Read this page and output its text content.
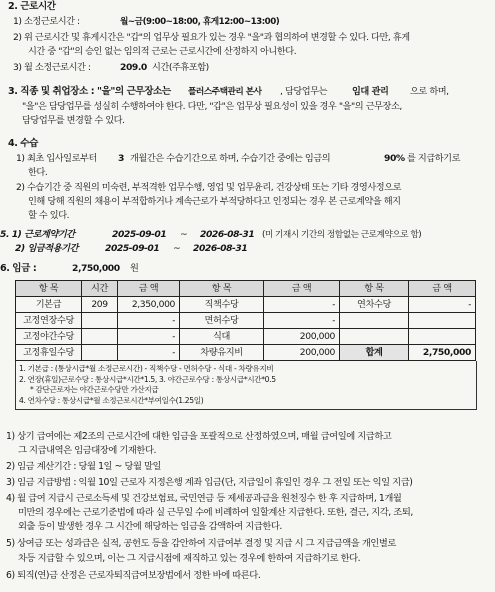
2. 근로시간
1) 소정근로시간 :	월~금(9:00~18:00, 휴게12:00~13:00)
2) 위 근로시간 및 휴게시간은 "갑"의 업무상 필요가 있는 경우 "을"과 협의하여 변경할 수 있다. 다만, 휴게
시간 중 "갑"의 승인 없는 임의적 근로는 근로시간에 산정하지 아니한다.
3) 월 소정근로시간 :	209.0 시간(주휴포함)
3. 직종 및 취업장소 : "을"의 근무장소는 플러스주택관리 본사 , 담당업무는	임대 관리 으로 하며,
"을"은 담당업무를 성실히 수행하여야 한다. 다만, "갑"은 업무상 필요성이 있을 경우 "을"의 근무장소,
담당업무를 변경할 수 있다.
4. 수습
1) 최초 입사일로부터 3 개월간은 수습기간으로 하며, 수습기간 중에는 임금의	90% 를 지급하기로
한다.
2) 수습기간 중 직원의 미숙련, 부적격한 업무수행, 영업 및 업무윤리, 건강상태 또는 기타 경영사정으로
인해 당해 직원의 채용이 부적합하거나 계속근로가 부적당하다고 인정되는 경우 본 근로계약을 해지
할 수 있다.
5. 1) 근로계약기간	2025-09-01 ~ 2026-08-31 (미 기재시 기간의 정함없는 근로계약으로 함)
2) 임금적용기간	2025-09-01 ~ 2026-08-31
6. 임금 :	2,750,000 원
항 목	시간	금 액	항 목	금 액	항 목	금 액
기본급	209	2,350,000	직책수당	-	연차수당	-
고정연장수당		-	면허수당	-		
고정야간수당		-	식대	200,000		
고정휴일수당		-	차량유지비	200,000	합계	2,750,000
1. 기본급 : (통상시급*월 소정근로시간) - 직책수당 - 면허수당 - 식대 - 차량유지비
2. 연장(휴일)근로수당 : 통상시급*시간*1.5, 3. 야간근로수당 : 통상시급*시간*0.5
* 감단근로자는 야간근로수당만 가산지급
4. 연차수당 : 통상시급*월 소정근로시간*부여일수(1.25일)
1) 상기 급여에는 제2조의 근로시간에 대한 임금을 포괄적으로 산정하였으며, 매월 급여일에 지급하고
그 지급내역은 임금대장에 기재한다.
2) 임금 계산기간 : 당월 1일 ~ 당월 말일
3) 임금 지급방법 : 익월 10일 근로자 지정은행 계좌 입금(단, 지급일이 휴일인 경우 그 전일 또는 익일 지급)
4) 월 급여 지급시 근로소득세 및 건강보험료, 국민연금 등 제세공과금을 원천징수 한 후 지급하며, 1개월
미만의 경우에는 근로기준법에 따라 실 근무일 수에 비례하여 일할계산 지급한다. 또한, 결근, 지각, 조퇴,
외출 등이 발생한 경우 그 시간에 해당하는 임금을 감액하여 지급한다.
5) 상여금 또는 성과급은 실적, 공헌도 등을 감안하여 지급여부 결정 및 지급 시 그 지급금액을 개인별로
차등 지급할 수 있으며, 이는 그 지급시점에 재직하고 있는 경우에 한하여 지급하기로 한다.
6) 퇴직(연)금 산정은 근로자퇴직급여보장법에서 정한 바에 따른다.
